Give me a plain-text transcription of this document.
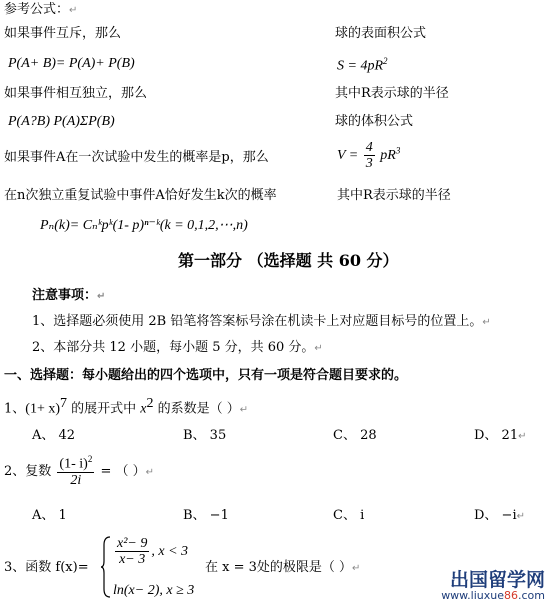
参考公式：↵
如果事件互斥，那么	球的表面积公式
P(A+ B)= P(A)+ P(B)	$S = 4pR^2$
如果事件相互独立，那么	其中R表示球的半径
P(A?B) P(A)ΣP(B)	球的体积公式
如果事件A在一次试验中发生的概率是p，那么	$V = \frac{4}{3} pR^3$
在n次独立重复试验中事件A恰好发生k次的概率	其中R表示球的半径
Pₙ(k)= Cₙᵏpᵏ(1- p)ⁿ⁻ᵏ(k = 0,1,2,⋯,n)
第一部分 （选择题 共 60 分）
注意事项：↵
1、选择题必须使用 2B 铅笔将答案标号涂在机读卡上对应题目标号的位置上。↵
2、本部分共 12 小题，每小题 5 分，共 60 分。↵
一、选择题：每小题给出的四个选项中，只有一项是符合题目要求的。
1、$(1+ x)^7$ 的展开式中 $x^2$ 的系数是（ ）↵
A、 42	B、 35	C、 28	D、 21↵
2、复数 $\frac{(1- i)^2}{2i}$ = （ ）↵
A、 1	B、 −1	C、 i	D、 −i↵
3、函数 $f(x)= \frac{\text{x²− 9}}{x- 3}$ , x < 3
ln(x− 2), x ≥ 3
在 x = 3处的极限是（ ）↵
出国留学网
www.liuxue86.com
